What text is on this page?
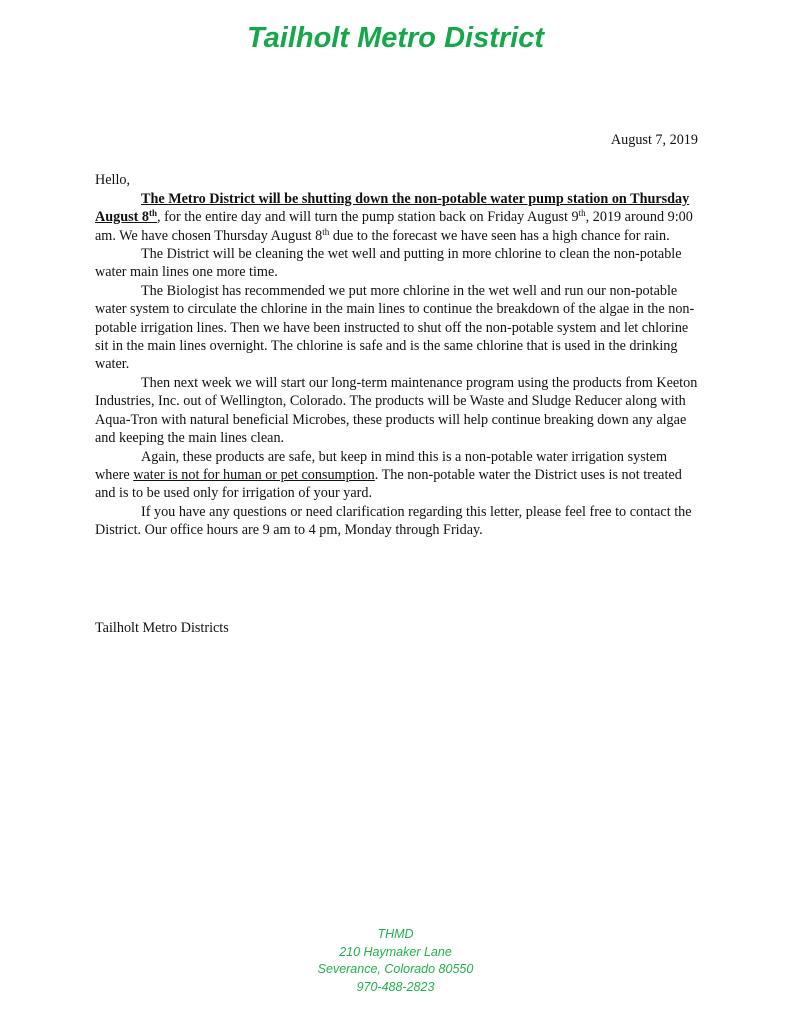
Tailholt Metro District

August 7, 2019

Hello,

The Metro District will be shutting down the non-potable water pump station on Thursday August 8th, for the entire day and will turn the pump station back on Friday August 9th, 2019 around 9:00 am. We have chosen Thursday August 8th due to the forecast we have seen has a high chance for rain.

The District will be cleaning the wet well and putting in more chlorine to clean the non-potable water main lines one more time.

The Biologist has recommended we put more chlorine in the wet well and run our non-potable water system to circulate the chlorine in the main lines to continue the breakdown of the algae in the non-potable irrigation lines. Then we have been instructed to shut off the non-potable system and let chlorine sit in the main lines overnight. The chlorine is safe and is the same chlorine that is used in the drinking water.

Then next week we will start our long-term maintenance program using the products from Keeton Industries, Inc. out of Wellington, Colorado. The products will be Waste and Sludge Reducer along with Aqua-Tron with natural beneficial Microbes, these products will help continue breaking down any algae and keeping the main lines clean.

Again, these products are safe, but keep in mind this is a non-potable water irrigation system where water is not for human or pet consumption. The non-potable water the District uses is not treated and is to be used only for irrigation of your yard.

If you have any questions or need clarification regarding this letter, please feel free to contact the District. Our office hours are 9 am to 4 pm, Monday through Friday.

Tailholt Metro Districts

THMD
210 Haymaker Lane
Severance, Colorado 80550
970-488-2823
